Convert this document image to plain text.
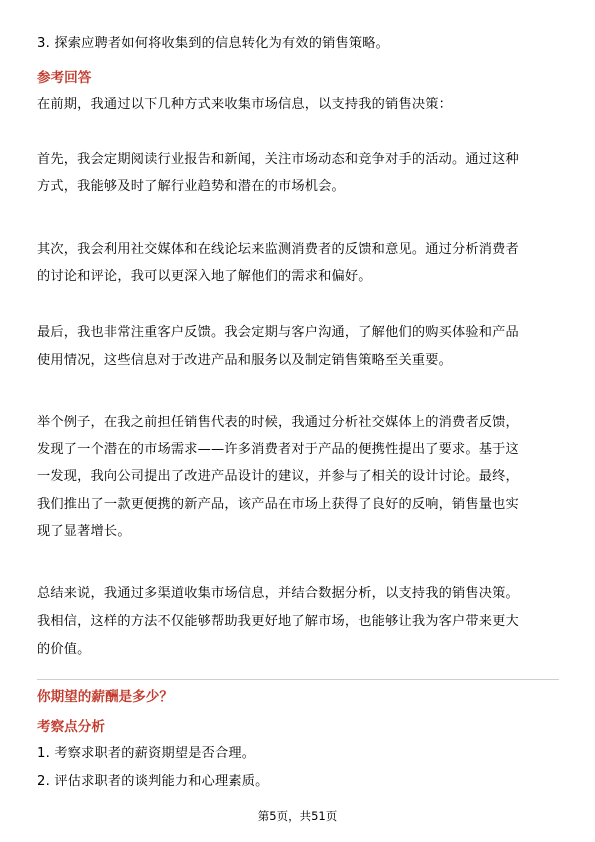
3. 探索应聘者如何将收集到的信息转化为有效的销售策略。
参考回答
在前期，我通过以下几种方式来收集市场信息，以支持我的销售决策：
首先，我会定期阅读行业报告和新闻，关注市场动态和竞争对手的活动。通过这种
方式，我能够及时了解行业趋势和潜在的市场机会。
其次，我会利用社交媒体和在线论坛来监测消费者的反馈和意见。通过分析消费者
的讨论和评论，我可以更深入地了解他们的需求和偏好。
最后，我也非常注重客户反馈。我会定期与客户沟通，了解他们的购买体验和产品
使用情况，这些信息对于改进产品和服务以及制定销售策略至关重要。
举个例子，在我之前担任销售代表的时候，我通过分析社交媒体上的消费者反馈，
发现了一个潜在的市场需求——许多消费者对于产品的便携性提出了要求。基于这
一发现，我向公司提出了改进产品设计的建议，并参与了相关的设计讨论。最终，
我们推出了一款更便携的新产品，该产品在市场上获得了良好的反响，销售量也实
现了显著增长。
总结来说，我通过多渠道收集市场信息，并结合数据分析，以支持我的销售决策。
我相信，这样的方法不仅能够帮助我更好地了解市场，也能够让我为客户带来更大
的价值。
你期望的薪酬是多少？
考察点分析
1. 考察求职者的薪资期望是否合理。
2. 评估求职者的谈判能力和心理素质。
第5页，共51页
